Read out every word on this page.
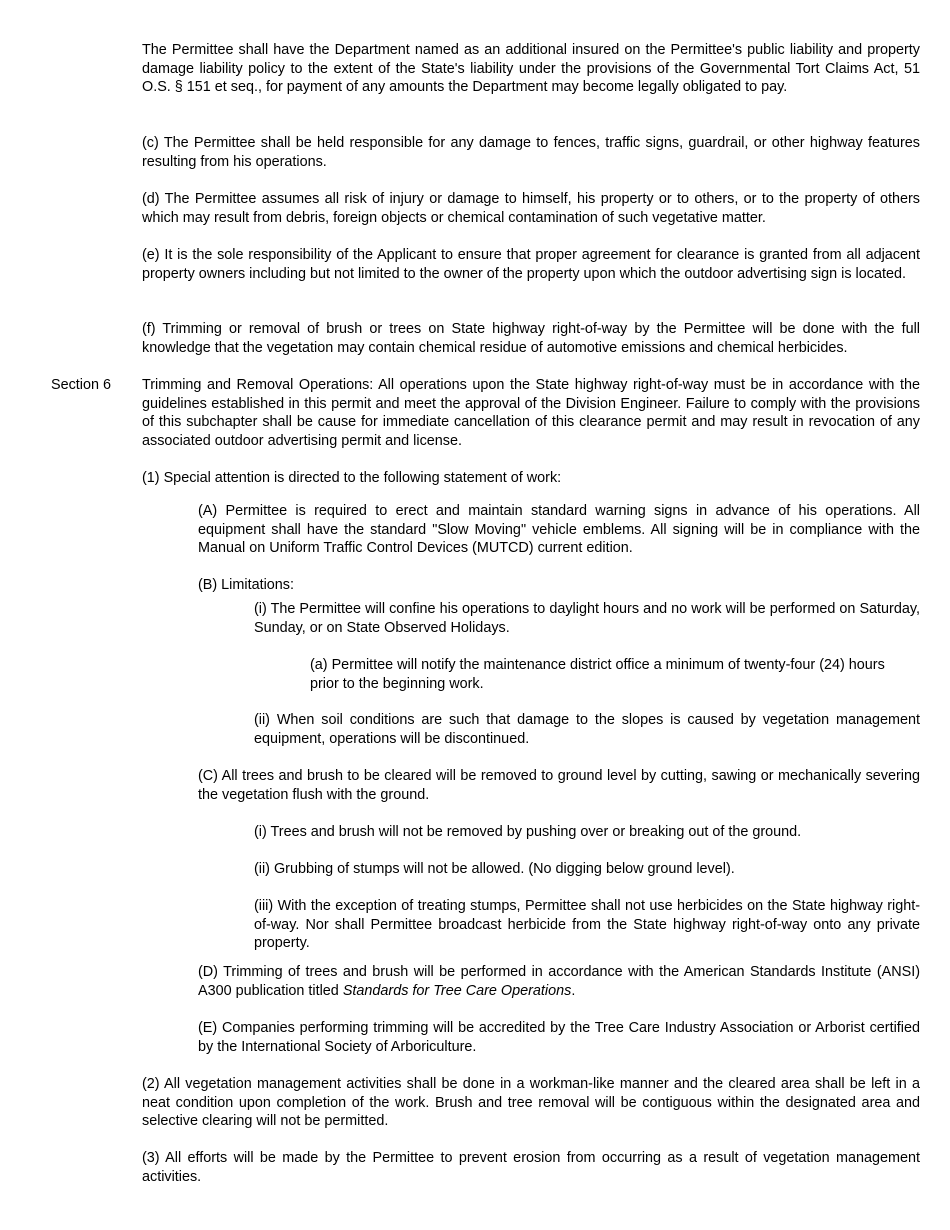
The Permittee shall have the Department named as an additional insured on the Permittee's public liability and property damage liability policy to the extent of the State's liability under the provisions of the Governmental Tort Claims Act, 51 O.S. § 151 et seq., for payment of any amounts the Department may become legally obligated to pay.

(c) The Permittee shall be held responsible for any damage to fences, traffic signs, guardrail, or other highway features resulting from his operations.

(d) The Permittee assumes all risk of injury or damage to himself, his property or to others, or to the property of others which may result from debris, foreign objects or chemical contamination of such vegetative matter.

(e) It is the sole responsibility of the Applicant to ensure that proper agreement for clearance is granted from all adjacent property owners including but not limited to the owner of the property upon which the outdoor advertising sign is located.

(f) Trimming or removal of brush or trees on State highway right-of-way by the Permittee will be done with the full knowledge that the vegetation may contain chemical residue of automotive emissions and chemical herbicides.

Section 6 Trimming and Removal Operations: All operations upon the State highway right-of-way must be in accordance with the guidelines established in this permit and meet the approval of the Division Engineer. Failure to comply with the provisions of this subchapter shall be cause for immediate cancellation of this clearance permit and may result in revocation of any associated outdoor advertising permit and license.

(1) Special attention is directed to the following statement of work:

(A) Permittee is required to erect and maintain standard warning signs in advance of his operations. All equipment shall have the standard "Slow Moving" vehicle emblems. All signing will be in compliance with the Manual on Uniform Traffic Control Devices (MUTCD) current edition.

(B) Limitations:

(i) The Permittee will confine his operations to daylight hours and no work will be performed on Saturday, Sunday, or on State Observed Holidays.

(a) Permittee will notify the maintenance district office a minimum of twenty-four (24) hours prior to the beginning work.

(ii) When soil conditions are such that damage to the slopes is caused by vegetation management equipment, operations will be discontinued.

(C) All trees and brush to be cleared will be removed to ground level by cutting, sawing or mechanically severing the vegetation flush with the ground.

(i) Trees and brush will not be removed by pushing over or breaking out of the ground.

(ii) Grubbing of stumps will not be allowed. (No digging below ground level).

(iii) With the exception of treating stumps, Permittee shall not use herbicides on the State highway right-of-way. Nor shall Permittee broadcast herbicide from the State highway right-of-way onto any private property.

(D) Trimming of trees and brush will be performed in accordance with the American Standards Institute (ANSI) A300 publication titled Standards for Tree Care Operations.

(E) Companies performing trimming will be accredited by the Tree Care Industry Association or Arborist certified by the International Society of Arboriculture.

(2) All vegetation management activities shall be done in a workman-like manner and the cleared area shall be left in a neat condition upon completion of the work. Brush and tree removal will be contiguous within the designated area and selective clearing will not be permitted.

(3) All efforts will be made by the Permittee to prevent erosion from occurring as a result of vegetation management activities.
